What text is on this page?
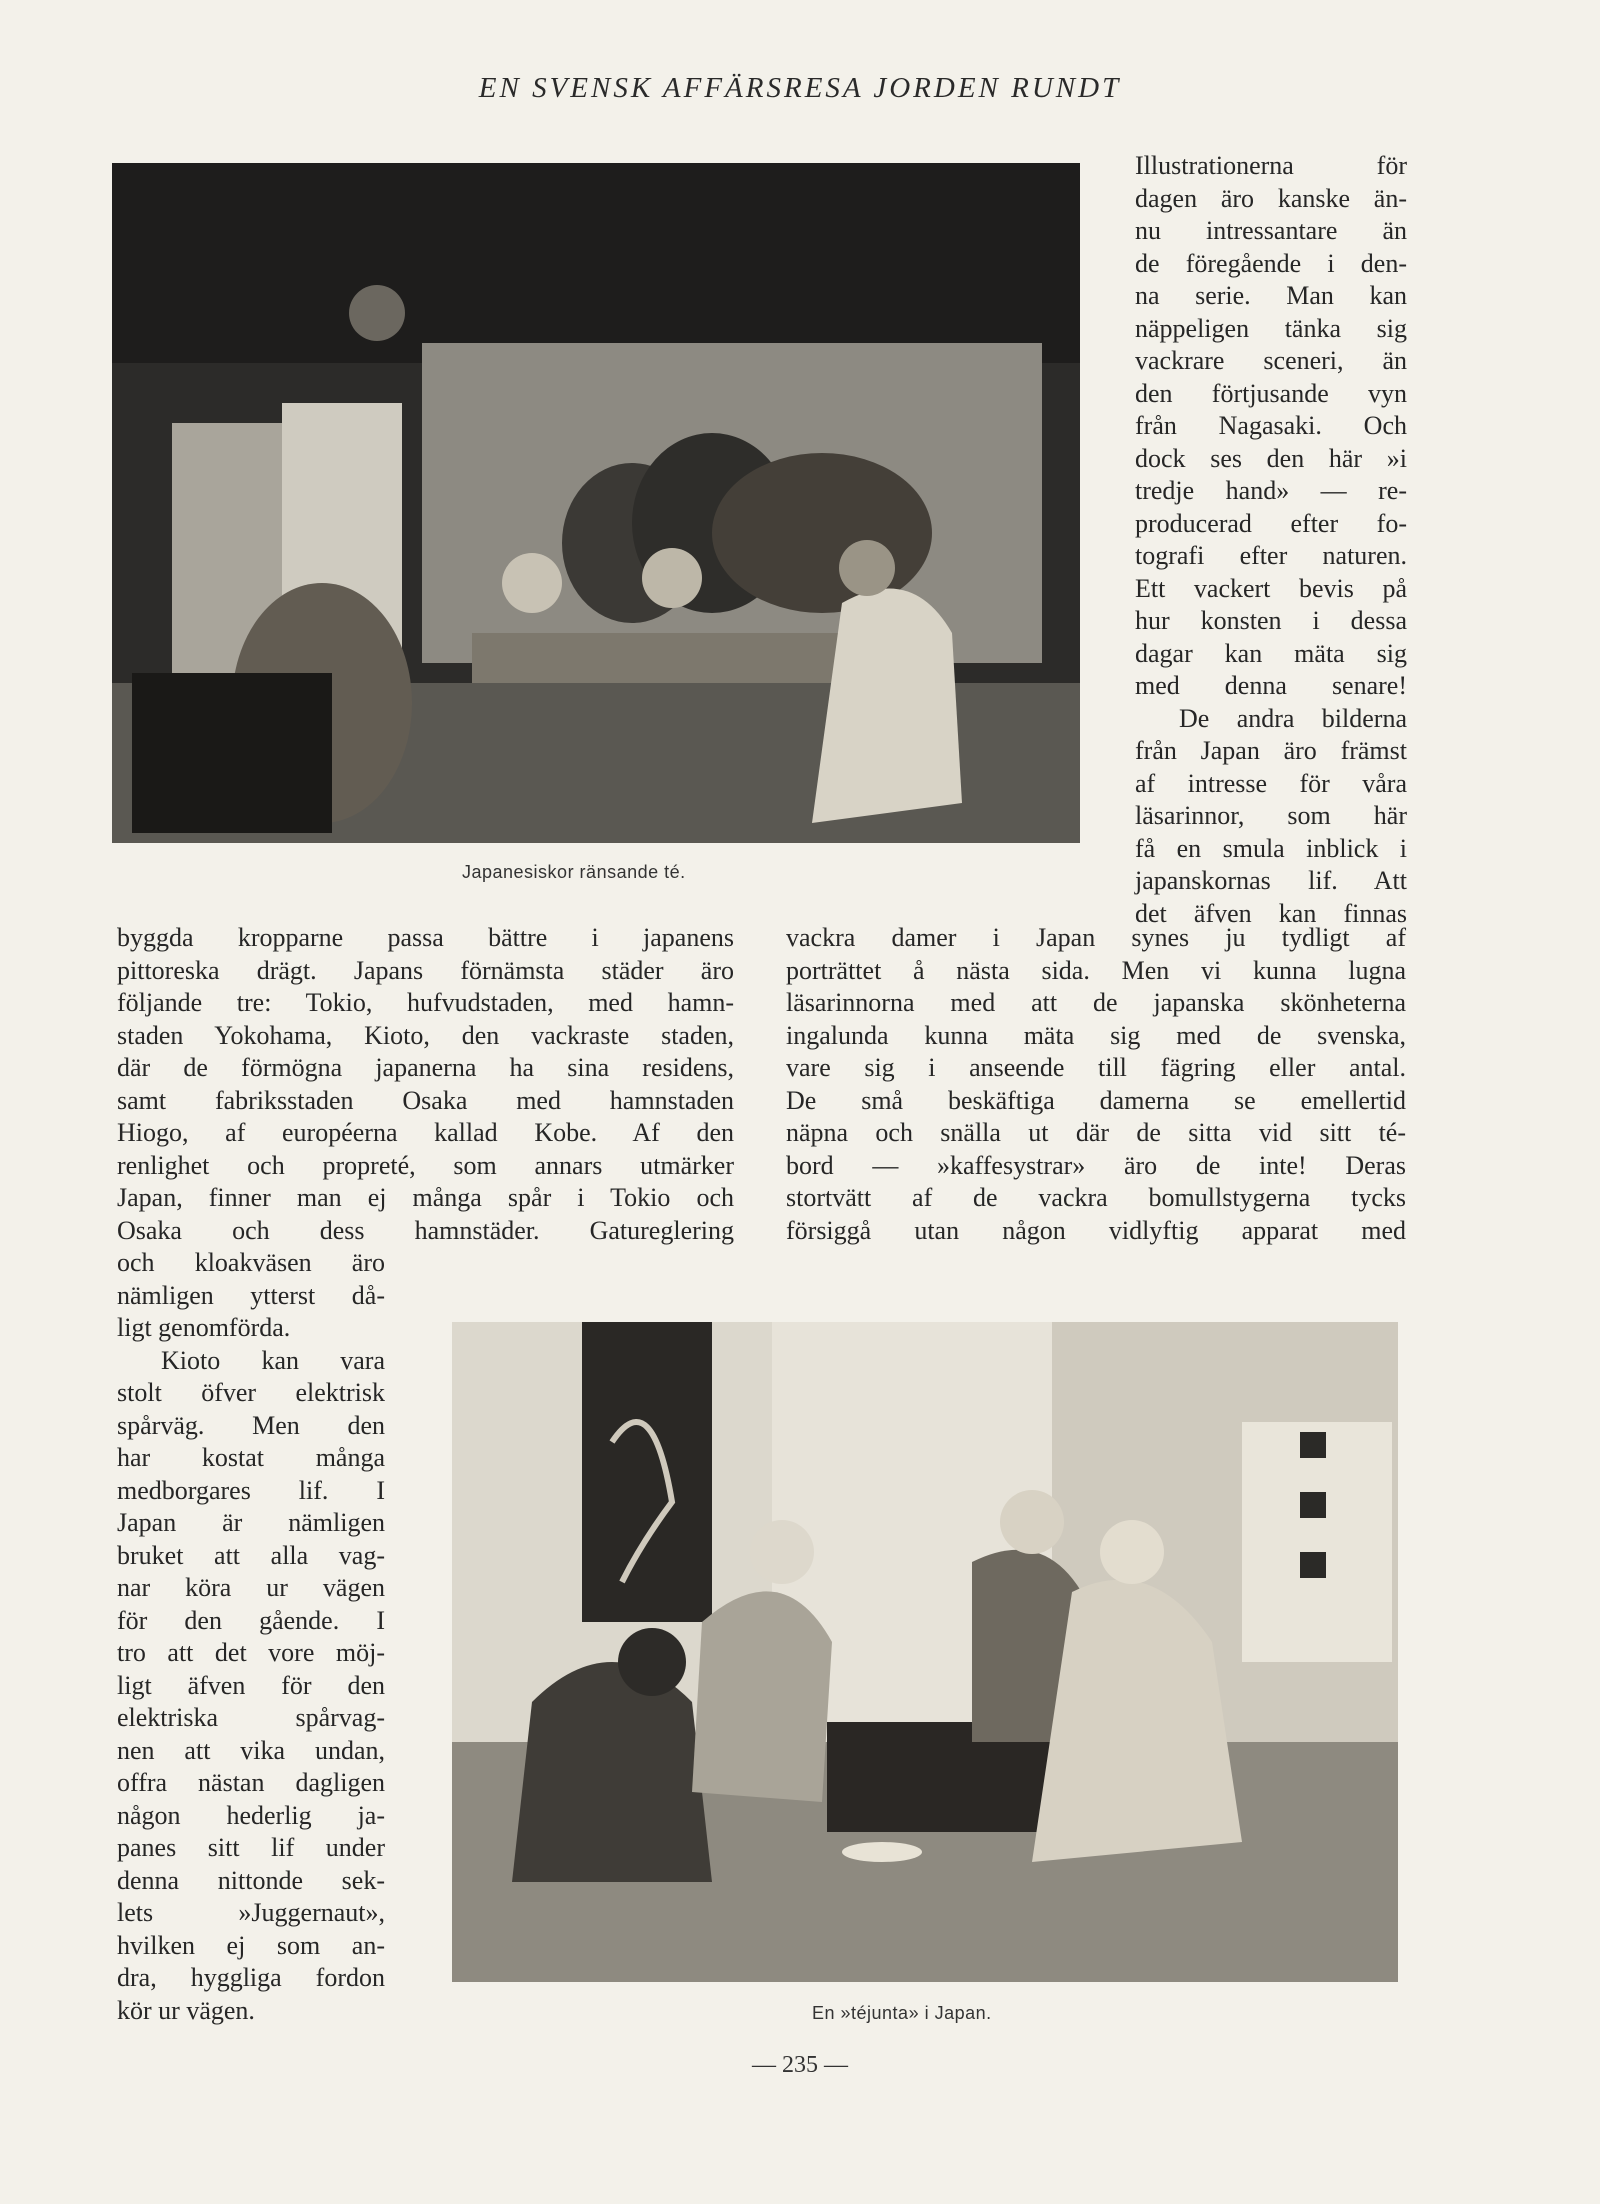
EN SVENSK AFFÄRSRESA JORDEN RUNDT
Japanesiskor ränsande té.
Illustrationerna för
dagen äro kanske än-
nu intressantare än
de föregående i den-
na serie. Man kan
näppeligen tänka sig
vackrare sceneri, än
den förtjusande vyn
från Nagasaki. Och
dock ses den här »i
tredje hand» — re-
producerad efter fo-
tografi efter naturen.
Ett vackert bevis på
hur konsten i dessa
dagar kan mäta sig
med denna senare!
De andra bilderna
från Japan äro främst
af intresse för våra
läsarinnor, som här
få en smula inblick i
japanskornas lif. Att
det äfven kan finnas
byggda kropparne passa bättre i japanens
pittoreska drägt. Japans förnämsta städer äro
följande tre: Tokio, hufvudstaden, med hamn-
staden Yokohama, Kioto, den vackraste staden,
där de förmögna japanerna ha sina residens,
samt fabriksstaden Osaka med hamnstaden
Hiogo, af européerna kallad Kobe. Af den
renlighet och propreté, som annars utmärker
Japan, finner man ej många spår i Tokio och
Osaka och dess hamnstäder. Gatureglering
vackra damer i Japan synes ju tydligt af
porträttet å nästa sida. Men vi kunna lugna
läsarinnorna med att de japanska skönheterna
ingalunda kunna mäta sig med de svenska,
vare sig i anseende till fägring eller antal.
De små beskäftiga damerna se emellertid
näpna och snälla ut där de sitta vid sitt té-
bord — »kaffesystrar» äro de inte! Deras
stortvätt af de vackra bomullstygerna tycks
försiggå utan någon vidlyftig apparat med
och kloakväsen äro
nämligen ytterst då-
ligt genomförda.
Kioto kan vara
stolt öfver elektrisk
spårväg. Men den
har kostat många
medborgares lif. I
Japan är nämligen
bruket att alla vag-
nar köra ur vägen
för den gående. I
tro att det vore möj-
ligt äfven för den
elektriska spårvag-
nen att vika undan,
offra nästan dagligen
någon hederlig ja-
panes sitt lif under
denna nittonde sek-
lets »Juggernaut»,
hvilken ej som an-
dra, hyggliga fordon
kör ur vägen.	En »téjunta» i Japan.
— 235 —
